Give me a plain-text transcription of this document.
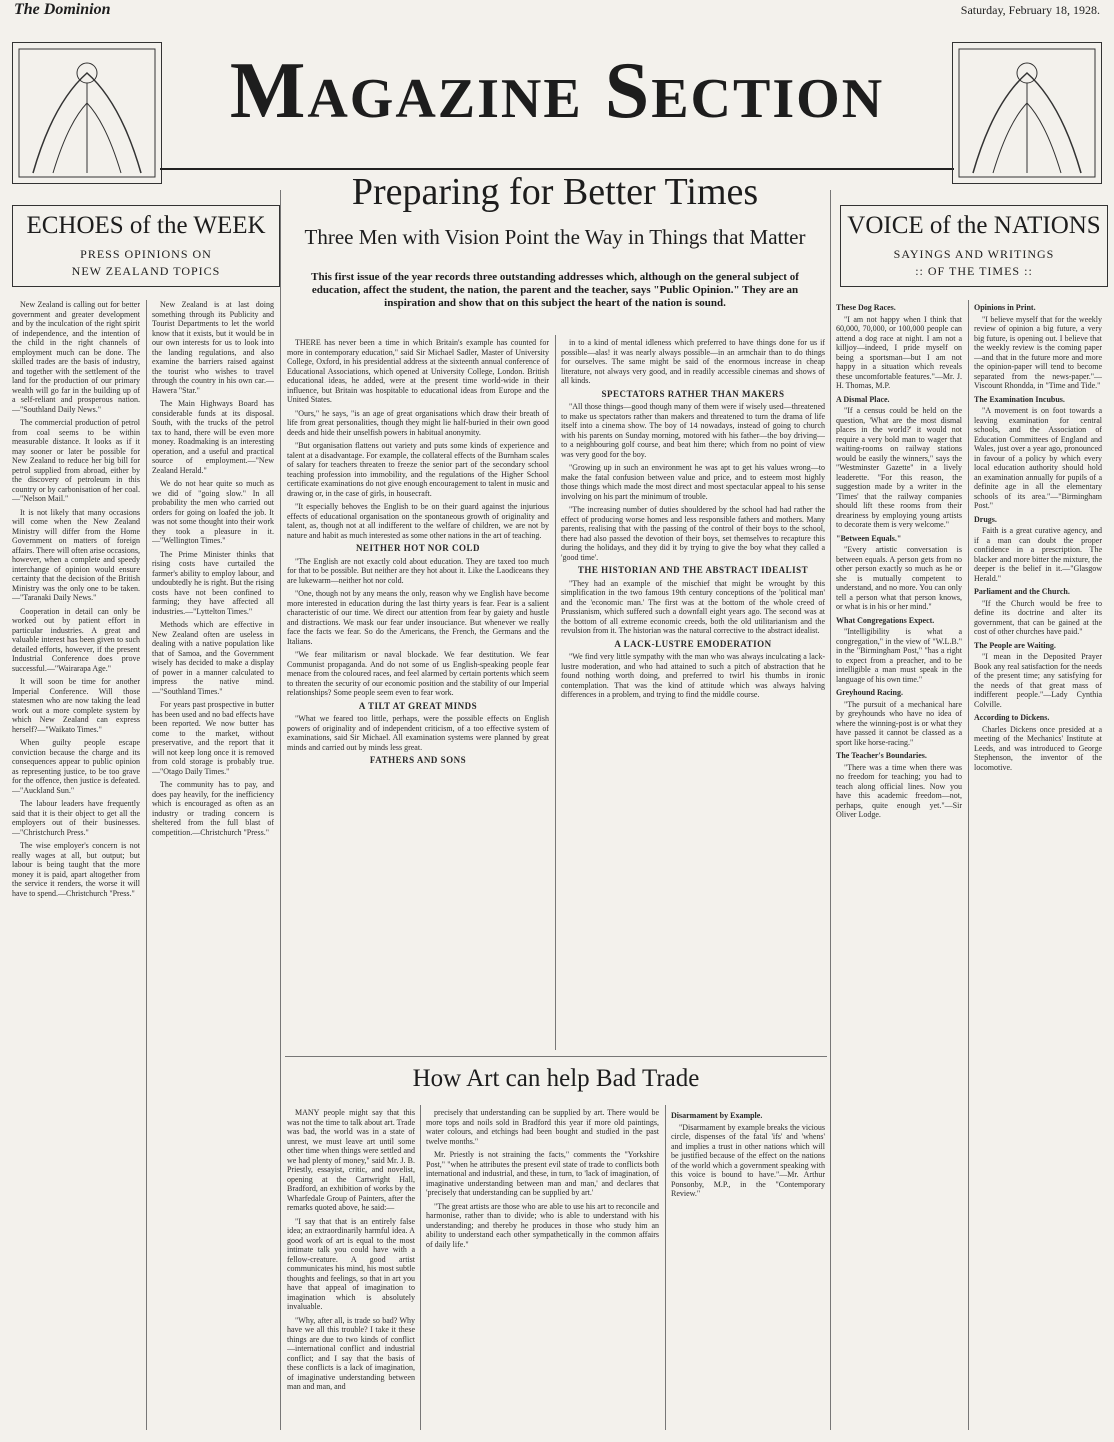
The Dominion	Saturday, February 18, 1928.
Magazine Section
ECHOES of the WEEK
PRESS OPINIONS ON
NEW ZEALAND TOPICS
VOICE of the NATIONS
SAYINGS AND WRITINGS
:: OF THE TIMES ::
Preparing for Better Times
Three Men with Vision Point the Way in Things that Matter
This first issue of the year records three outstanding addresses which, although on the general subject of education, affect the student, the nation, the parent and the teacher, says "Public Opinion." They are an inspiration and show that on this subject the heart of the nation is sound.

New Zealand is calling out for better government and greater development and by the inculcation of the right spirit of independence, and the intention of the child in the right channels of employment much can be done. The skilled trades are the basis of industry, and together with the settlement of the land for the production of our primary wealth will go far in the building up of a self-reliant and prosperous nation.—"Southland Daily News."

The commercial production of petrol from coal seems to be within measurable distance. It looks as if it may sooner or later be possible for New Zealand to reduce her big bill for petrol supplied from abroad, either by the discovery of petroleum in this country or by carbonisation of her coal.—"Nelson Mail."

It is not likely that many occasions will come when the New Zealand Ministry will differ from the Home Government on matters of foreign affairs. There will often arise occasions, however, when a complete and speedy interchange of opinion would ensure certainty that the decision of the British Ministry was the only one to be taken.—"Taranaki Daily News."

Cooperation in detail can only be worked out by patient effort in particular industries. A great and valuable interest has been given to such detailed efforts, however, if the present Industrial Conference does prove successful.—"Wairarapa Age."

It will soon be time for another Imperial Conference. Will those statesmen who are now taking the lead work out a more complete system by which New Zealand can express herself?—"Waikato Times."

When guilty people escape conviction because the charge and its consequences appear to public opinion as representing justice, to be too grave for the offence, then justice is defeated.—"Auckland Sun."

The labour leaders have frequently said that it is their object to get all the employers out of their businesses.—"Christchurch Press."

The wise employer's concern is not really wages at all, but output; but labour is being taught that the more money it is paid, apart altogether from the service it renders, the worse it will have to spend.—Christchurch "Press."

New Zealand is at last doing something through its Publicity and Tourist Departments to let the world know that it exists, but it would be in our own interests for us to look into the landing regulations, and also examine the barriers raised against the tourist who wishes to travel through the country in his own car.—Hawera "Star."

The Main Highways Board has considerable funds at its disposal. South, with the trucks of the petrol tax to hand, there will be even more money. Roadmaking is an interesting operation, and a useful and practical source of employment.—"New Zealand Herald."

We do not hear quite so much as we did of "going slow." In all probability the men who carried out orders for going on loafed the job. It was not some thought into their work they took a pleasure in it.—"Wellington Times."

The Prime Minister thinks that rising costs have curtailed the farmer's ability to employ labour, and undoubtedly he is right. But the rising costs have not been confined to farming; they have affected all industries.—"Lyttelton Times."

Methods which are effective in New Zealand often are useless in dealing with a native population like that of Samoa, and the Government wisely has decided to make a display of power in a manner calculated to impress the native mind.—"Southland Times."

For years past prospective in butter has been used and no bad effects have been reported. We now butter has come to the market, without preservative, and the report that it will not keep long once it is removed from cold storage is probably true.—"Otago Daily Times."

The community has to pay, and does pay heavily, for the inefficiency which is encouraged as often as an industry or trading concern is sheltered from the full blast of competition.—Christchurch "Press."

THERE has never been a time in which Britain's example has counted for more in contemporary education," said Sir Michael Sadler, Master of University College, Oxford, in his presidential address at the sixteenth annual conference of Educational Associations, which opened at University College, London. British educational ideas, he added, were at the present time world-wide in their influence, but Britain was hospitable to educational ideas from Europe and the United States.

"Ours," he says, "is an age of great organisations which draw their breath of life from great personalities, though they might lie half-buried in their own good deeds and hide their unselfish powers in habitual anonymity.

"But organisation flattens out variety and puts some kinds of experience and talent at a disadvantage. For example, the collateral effects of the Burnham scales of salary for teachers threaten to freeze the senior part of the secondary school teaching profession into immobility, and the regulations of the Higher School certificate examinations do not give enough encouragement to talent in music and drawing or, in the case of girls, in housecraft.

"It especially behoves the English to be on their guard against the injurious effects of educational organisation on the spontaneous growth of originality and talent, as, though not at all indifferent to the welfare of children, we are not by nature and habit as much interested as some other nations in the art of teaching.

NEITHER HOT NOR COLD

"The English are not exactly cold about education. They are taxed too much for that to be possible. But neither are they hot about it. Like the Laodiceans they are lukewarm—neither hot nor cold.

"One, though not by any means the only, reason why we English have become more interested in education during the last thirty years is fear. Fear is a salient characteristic of our time. We direct our attention from fear by gaiety and hustle and distractions. We mask our fear under insouciance. But whenever we really face the facts we fear. So do the Americans, the French, the Germans and the Italians.

"We fear militarism or naval blockade. We fear destitution. We fear Communist propaganda. And do not some of us English-speaking people fear menace from the coloured races, and feel alarmed by certain portents which seem to threaten the security of our economic position and the stability of our Imperial relationships? Some people seem even to fear work.

A TILT AT GREAT MINDS

"What we feared too little, perhaps, were the possible effects on English powers of originality and of independent criticism, of a too effective system of examinations, said Sir Michael. All examination systems were planned by great minds and carried out by minds less great.

FATHERS AND SONS

in to a kind of mental idleness which preferred to have things done for us if possible—alas! it was nearly always possible—in an armchair than to do things for ourselves. The same might be said of the enormous increase in cheap literature, not always very good, and in readily accessible cinemas and shows of all kinds.

SPECTATORS RATHER THAN MAKERS

"All those things—good though many of them were if wisely used—threatened to make us spectators rather than makers and threatened to turn the drama of life itself into a cinema show. The boy of 14 nowadays, instead of going to church with his parents on Sunday morning, motored with his father—the boy driving—to a neighbouring golf course, and beat him there; which from no point of view was very good for the boy.

"Growing up in such an environment he was apt to get his values wrong—to make the fatal confusion between value and price, and to esteem most highly those things which made the most direct and most spectacular appeal to his sense involving on his part the minimum of trouble.

"The increasing number of duties shouldered by the school had had rather the effect of producing worse homes and less responsible fathers and mothers. Many parents, realising that with the passing of the control of their boys to the school, there had also passed the devotion of their boys, set themselves to recapture this during the holidays, and they did it by trying to give the boy what they called a 'good time'.

THE HISTORIAN AND THE ABSTRACT IDEALIST

"They had an example of the mischief that might be wrought by this simplification in the two famous 19th century conceptions of the 'political man' and the 'economic man.' The first was at the bottom of the whole creed of Prussianism, which suffered such a downfall eight years ago. The second was at the bottom of all extreme economic creeds, both the old utilitarianism and the revulsion from it. The historian was the natural corrective to the abstract idealist.

A LACK-LUSTRE EMODERATION

"We find very little sympathy with the man who was always inculcating a lack-lustre moderation, and who had attained to such a pitch of abstraction that he found nothing worth doing, and preferred to twirl his thumbs in ironic contemplation. That was the kind of attitude which was always halving differences in a problem, and trying to find the middle course.

These Dog Races.

"I am not happy when I think that 60,000, 70,000, or 100,000 people can attend a dog race at night. I am not a killjoy—indeed, I pride myself on being a sportsman—but I am not happy in a situation which reveals these uncomfortable features."—Mr. J. H. Thomas, M.P.

A Dismal Place.

"If a census could be held on the question, 'What are the most dismal places in the world?' it would not require a very bold man to wager that waiting-rooms on railway stations would be easily the winners," says the "Westminster Gazette" in a lively leaderette. "For this reason, the suggestion made by a writer in the 'Times' that the railway companies should lift these rooms from their dreariness by employing young artists to decorate them is very welcome."

"Between Equals."

"Every artistic conversation is between equals. A person gets from no other person exactly so much as he or she is mutually competent to understand, and no more. You can only tell a person what that person knows, or what is in his or her mind."

What Congregations Expect.

"Intelligibility is what a congregation," in the view of "W.L.B." in the "Birmingham Post," "has a right to expect from a preacher, and to be intelligible a man must speak in the language of his own time."

Greyhound Racing.

"The pursuit of a mechanical hare by greyhounds who have no idea of where the winning-post is or what they have passed it cannot be classed as a sport like horse-racing."

The Teacher's Boundaries.

"There was a time when there was no freedom for teaching; you had to teach along official lines. Now you have this academic freedom—not, perhaps, quite enough yet."—Sir Oliver Lodge.

Opinions in Print.

"I believe myself that for the weekly review of opinion a big future, a very big future, is opening out. I believe that the weekly review is the coming paper—and that in the future more and more the opinion-paper will tend to become separated from the news-paper."—Viscount Rhondda, in "Time and Tide."

The Examination Incubus.

"A movement is on foot towards a leaving examination for central schools, and the Association of Education Committees of England and Wales, just over a year ago, pronounced in favour of a policy by which every local education authority should hold an examination annually for pupils of a definite age in all the elementary schools of its area."—"Birmingham Post."

Drugs.

Faith is a great curative agency, and if a man can doubt the proper confidence in a prescription. The blacker and more bitter the mixture, the deeper is the belief in it.—"Glasgow Herald."

Parliament and the Church.

"If the Church would be free to define its doctrine and alter its government, that can be gained at the cost of other churches have paid."

The People are Waiting.

"I mean in the Deposited Prayer Book any real satisfaction for the needs of the present time; any satisfying for the needs of that great mass of indifferent people."—Lady Cynthia Colville.

According to Dickens.

Charles Dickens once presided at a meeting of the Mechanics' Institute at Leeds, and was introduced to George Stephenson, the inventor of the locomotive.

How Art can help Bad Trade

MANY people might say that this was not the time to talk about art. Trade was bad, the world was in a state of unrest, we must leave art until some other time when things were settled and we had plenty of money," said Mr. J. B. Priestly, essayist, critic, and novelist, opening at the Cartwright Hall, Bradford, an exhibition of works by the Wharfedale Group of Painters, after the remarks quoted above, he said:—

"I say that that is an entirely false idea; an extraordinarily harmful idea. A good work of art is equal to the most intimate talk you could have with a fellow-creature. A good artist communicates his mind, his most subtle thoughts and feelings, so that in art you have that appeal of imagination to imagination which is absolutely invaluable.

"Why, after all, is trade so bad? Why have we all this trouble? I take it these things are due to two kinds of conflict—international conflict and industrial conflict; and I say that the basis of these conflicts is a lack of imagination, of imaginative understanding between man and man, and

precisely that understanding can be supplied by art. There would be more tops and noils sold in Bradford this year if more old paintings, water colours, and etchings had been bought and studied in the past twelve months."

Mr. Priestly is not straining the facts," comments the "Yorkshire Post," "when he attributes the present evil state of trade to conflicts both international and industrial, and these, in turn, to 'lack of imagination, of imaginative understanding between man and man,' and declares that 'precisely that understanding can be supplied by art.'

"The great artists are those who are able to use his art to reconcile and harmonise, rather than to divide; who is able to understand with his understanding; and thereby he produces in those who study him an ability to understand each other sympathetically in the common affairs of daily life."

Disarmament by Example.

"Disarmament by example breaks the vicious circle, dispenses of the fatal 'ifs' and 'whens' and implies a trust in other nations which will be justified because of the effect on the nations of the world which a government speaking with this voice is bound to have."—Mr. Arthur Ponsonby, M.P., in the "Contemporary Review."
